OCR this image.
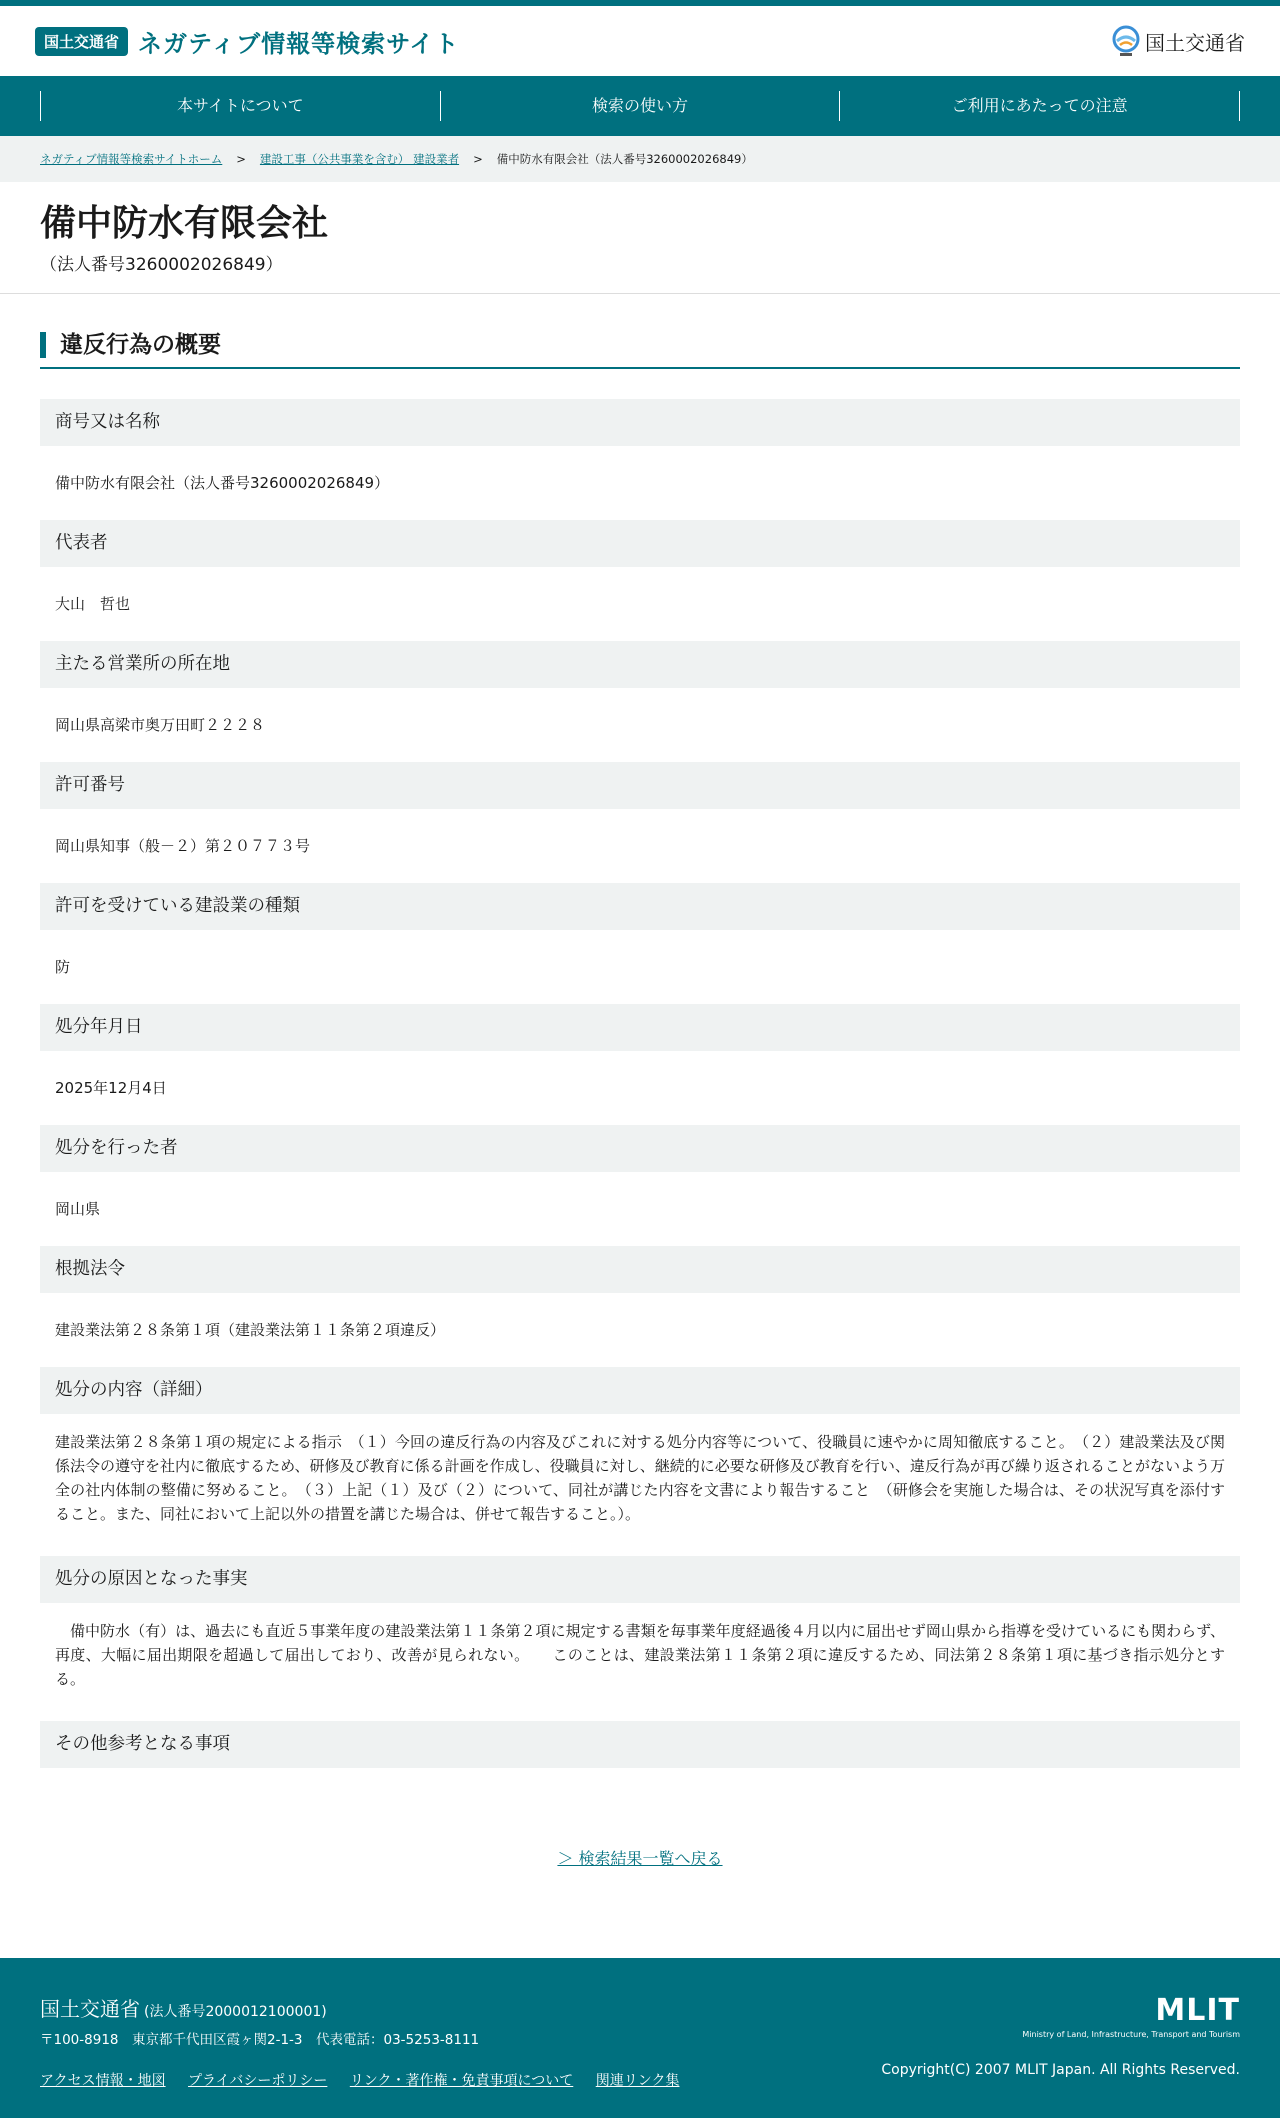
国土交通省 ネガティブ情報等検索サイト	国土交通省
本サイトについて	検索の使い方	ご利用にあたっての注意
ネガティブ情報等検索サイトホーム > 建設工事（公共事業を含む） 建設業者 > 備中防水有限会社（法人番号3260002026849）
備中防水有限会社
（法人番号3260002026849）
違反行為の概要
商号又は名称
備中防水有限会社（法人番号3260002026849）
代表者
大山　哲也
主たる営業所の所在地
岡山県高梁市奥万田町２２２８
許可番号
岡山県知事（般－２）第２０７７３号
許可を受けている建設業の種類
防
処分年月日
2025年12月4日
処分を行った者
岡山県
根拠法令
建設業法第２８条第１項（建設業法第１１条第２項違反）
処分の内容（詳細）
建設業法第２８条第１項の規定による指示　（１）今回の違反行為の内容及びこれに対する処分内容等について、役職員に速やかに周知徹底すること。　（２）建設業法及び関係法令の遵守を社内に徹底するため、研修及び教育に係る計画を作成し、役職員に対し、継続的に必要な研修及び教育を行い、違反行為が再び繰り返されることがないよう万全の社内体制の整備に努めること。　（３）上記（１）及び（２）について、同社が講じた内容を文書により報告すること　（研修会を実施した場合は、その状況写真を添付すること。また、同社において上記以外の措置を講じた場合は、併せて報告すること。）。
処分の原因となった事実
　備中防水（有）は、過去にも直近５事業年度の建設業法第１１条第２項に規定する書類を毎事業年度経過後４月以内に届出せず岡山県から指導を受けているにも関わらず、再度、大幅に届出期限を超過して届出しており、改善が見られない。　　このことは、建設業法第１１条第２項に違反するため、同法第２８条第１項に基づき指示処分とする。
その他参考となる事項
＞ 検索結果一覧へ戻る
国土交通省 (法人番号2000012100001)
〒100-8918　東京都千代田区霞ヶ関2-1-3　代表電話：03-5253-8111
アクセス情報・地図 プライバシーポリシー リンク・著作権・免責事項について 関連リンク集
MLIT
Ministry of Land, Infrastructure, Transport and Tourism
Copyright(C) 2007 MLIT Japan. All Rights Reserved.
